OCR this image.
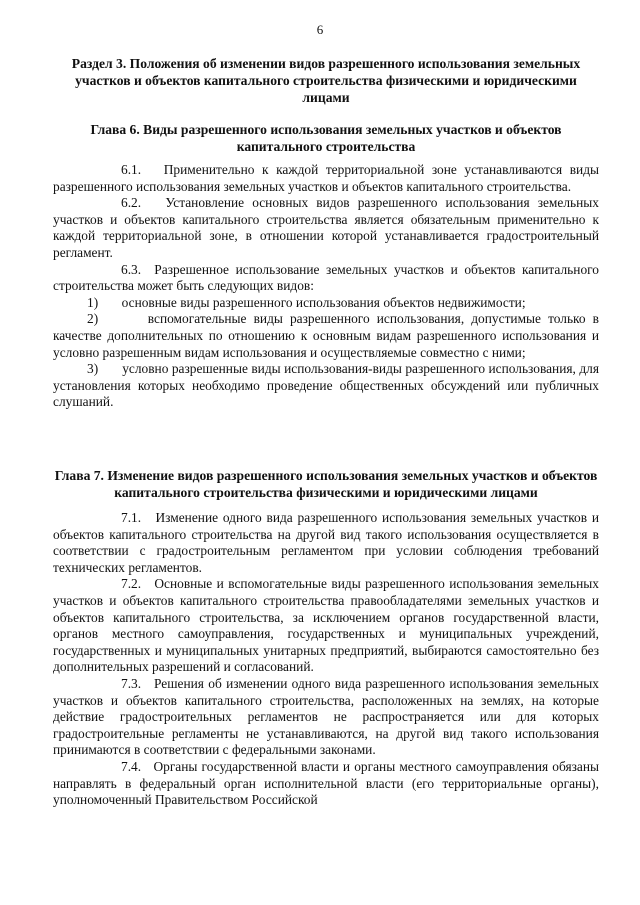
6

Раздел 3. Положения об изменении видов разрешенного использования земельных участков и объектов капитального строительства физическими и юридическими лицами

Глава 6. Виды разрешенного использования земельных участков и объектов капитального строительства

6.1. Применительно к каждой территориальной зоне устанавливаются виды разрешенного использования земельных участков и объектов капитального строительства.

6.2. Установление основных видов разрешенного использования земельных участков и объектов капитального строительства является обязательным применительно к каждой территориальной зоне, в отношении которой устанавливается градостроительный регламент.

6.3. Разрешенное использование земельных участков и объектов капитального строительства может быть следующих видов:

1) основные виды разрешенного использования объектов недвижимости;

2)	вспомогательные виды разрешенного использования, допустимые только в качестве дополнительных по отношению к основным видам разрешенного использования и условно разрешенным видам использования и осуществляемые совместно с ними;

3) условно разрешенные виды использования-виды разрешенного использования, для установления которых необходимо проведение общественных обсуждений или публичных слушаний.

Глава 7. Изменение видов разрешенного использования земельных участков и объектов капитального строительства физическими и юридическими лицами

7.1. Изменение одного вида разрешенного использования земельных участков и объектов капитального строительства на другой вид такого использования осуществляется в соответствии с градостроительным регламентом при условии соблюдения требований технических регламентов.

7.2. Основные и вспомогательные виды разрешенного использования земельных участков и объектов капитального строительства правообладателями земельных участков и объектов капитального строительства, за исключением органов государственной власти, органов местного самоуправления, государственных и муниципальных учреждений, государственных и муниципальных унитарных предприятий, выбираются самостоятельно без дополнительных разрешений и согласований.

7.3. Решения об изменении одного вида разрешенного использования земельных участков и объектов капитального строительства, расположенных на землях, на которые действие градостроительных регламентов не распространяется или для которых градостроительные регламенты не устанавливаются, на другой вид такого использования принимаются в соответствии с федеральными законами.

7.4. Органы государственной власти и органы местного самоуправления обязаны направлять в федеральный орган исполнительной власти (его территориальные органы), уполномоченный Правительством Российской
